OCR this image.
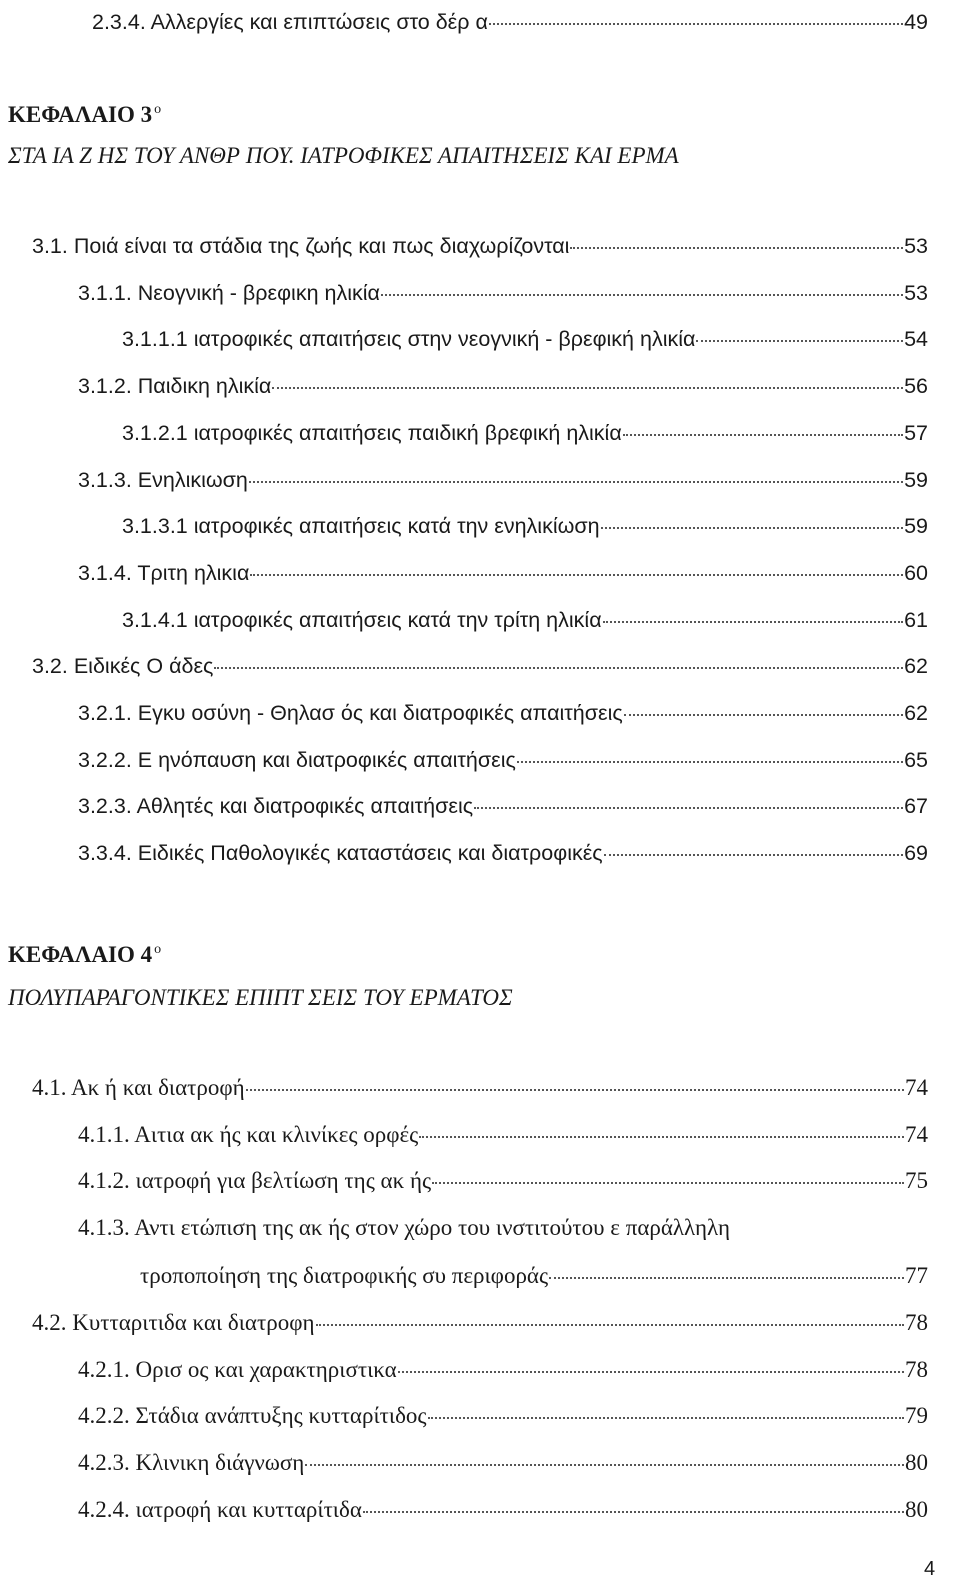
2.3.4. Αλλεργίες και επιπτώσεις στο δέρ α	49
ΚΕΦΑΛΑΙΟ 3 $^o$
ΣΤΑ ΙΑ Ζ ΗΣ ΤΟΥ ΑΝΘΡ ΠΟΥ. ΙΑΤΡΟΦΙΚΕΣ ΑΠΑΙΤΗΣΕΙΣ ΚΑΙ ΕΡΜΑ
3.1. Ποιά είναι τα στάδια της ζωής και πως διαχωρίζονται	53
3.1.1. Νεογνική - βρεφικη ηλικία	53
3.1.1.1 ιατροφικές απαιτήσεις στην νεογνική - βρεφική ηλικία	54
3.1.2. Παιδικη ηλικία	56
3.1.2.1 ιατροφικές απαιτήσεις παιδική βρεφική ηλικία	57
3.1.3. Ενηλικιωση	59
3.1.3.1 ιατροφικές απαιτήσεις κατά την ενηλικίωση	59
3.1.4. Τριτη ηλικια	60
3.1.4.1 ιατροφικές απαιτήσεις κατά την τρίτη ηλικία	61
3.2. Ειδικές Ο άδες	62
3.2.1. Εγκυ οσύνη - Θηλασ ός και διατροφικές απαιτήσεις	62
3.2.2. Ε ηνόπαυση και διατροφικές απαιτήσεις	65
3.2.3. Αθλητές και διατροφικές απαιτήσεις	67
3.3.4. Ειδικές Παθολογικές καταστάσεις και διατροφικές	69
ΚΕΦΑΛΑΙΟ 4 $^o$
ΠΟΛΥΠΑΡΑΓΟΝΤΙΚΕΣ ΕΠΙΠΤ ΣΕΙΣ ΤΟΥ ΕΡΜΑΤΟΣ
4.1. Ακ ή και διατροφή	74
4.1.1. Αιτια ακ ής και κλινίκες ορφές	74
4.1.2. ιατροφή για βελτίωση της ακ ής	75
4.1.3. Αντι ετώπιση της ακ ής στον χώρο του ινστιτούτου ε παράλληλη
τροποποίηση της διατροφικής συ περιφοράς	77
4.2. Κυτταριτιδα και διατροφη	78
4.2.1. Ορισ ος και χαρακτηριστικα	78
4.2.2. Στάδια ανάπτυξης κυτταρίτιδος	79
4.2.3. Κλινικη διάγνωση	80
4.2.4. ιατροφή και κυτταρίτιδα	80
4
